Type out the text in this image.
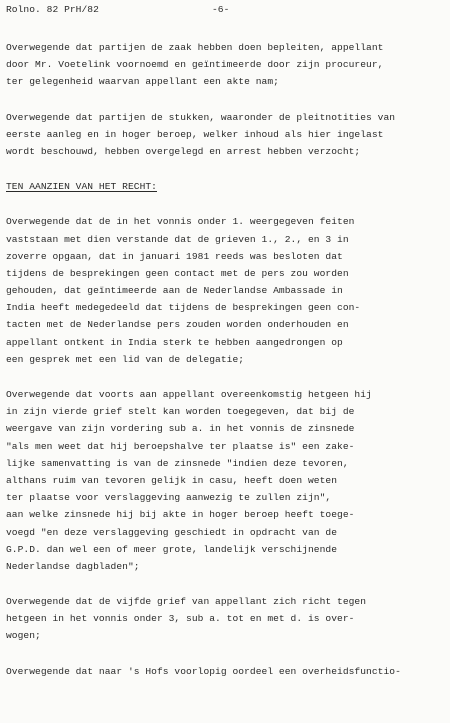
Rolno. 82 PrH/82	-6-
Overwegende dat partijen de zaak hebben doen bepleiten, appellant
door Mr. Voetelink voornoemd en geïntimeerde door zijn procureur,
ter gelegenheid waarvan appellant een akte nam;
Overwegende dat partijen de stukken, waaronder de pleitnotities van
eerste aanleg en in hoger beroep, welker inhoud als hier ingelast
wordt beschouwd, hebben overgelegd en arrest hebben verzocht;
TEN AANZIEN VAN HET RECHT:
Overwegende dat de in het vonnis onder 1. weergegeven feiten
vaststaan met dien verstande dat de grieven 1., 2., en 3 in
zoverre opgaan, dat in januari 1981 reeds was besloten dat
tijdens de besprekingen geen contact met de pers zou worden
gehouden, dat geïntimeerde aan de Nederlandse Ambassade in
India heeft medegedeeld dat tijdens de besprekingen geen con-
tacten met de Nederlandse pers zouden worden onderhouden en
appellant ontkent in India sterk te hebben aangedrongen op
een gesprek met een lid van de delegatie;
Overwegende dat voorts aan appellant overeenkomstig hetgeen hij
in zijn vierde grief stelt kan worden toegegeven, dat bij de
weergave van zijn vordering sub a. in het vonnis de zinsnede
"als men weet dat hij beroepshalve ter plaatse is" een zake-
lijke samenvatting is van de zinsnede "indien deze tevoren,
althans ruim van tevoren gelijk in casu, heeft doen weten
ter plaatse voor verslaggeving aanwezig te zullen zijn",
aan welke zinsnede hij bij akte in hoger beroep heeft toege-
voegd "en deze verslaggeving geschiedt in opdracht van de
G.P.D. dan wel een of meer grote, landelijk verschijnende
Nederlandse dagbladen";
Overwegende dat de vijfde grief van appellant zich richt tegen
hetgeen in het vonnis onder 3, sub a. tot en met d. is over-
wogen;
Overwegende dat naar 's Hofs voorlopig oordeel een overheidsfunctio-
